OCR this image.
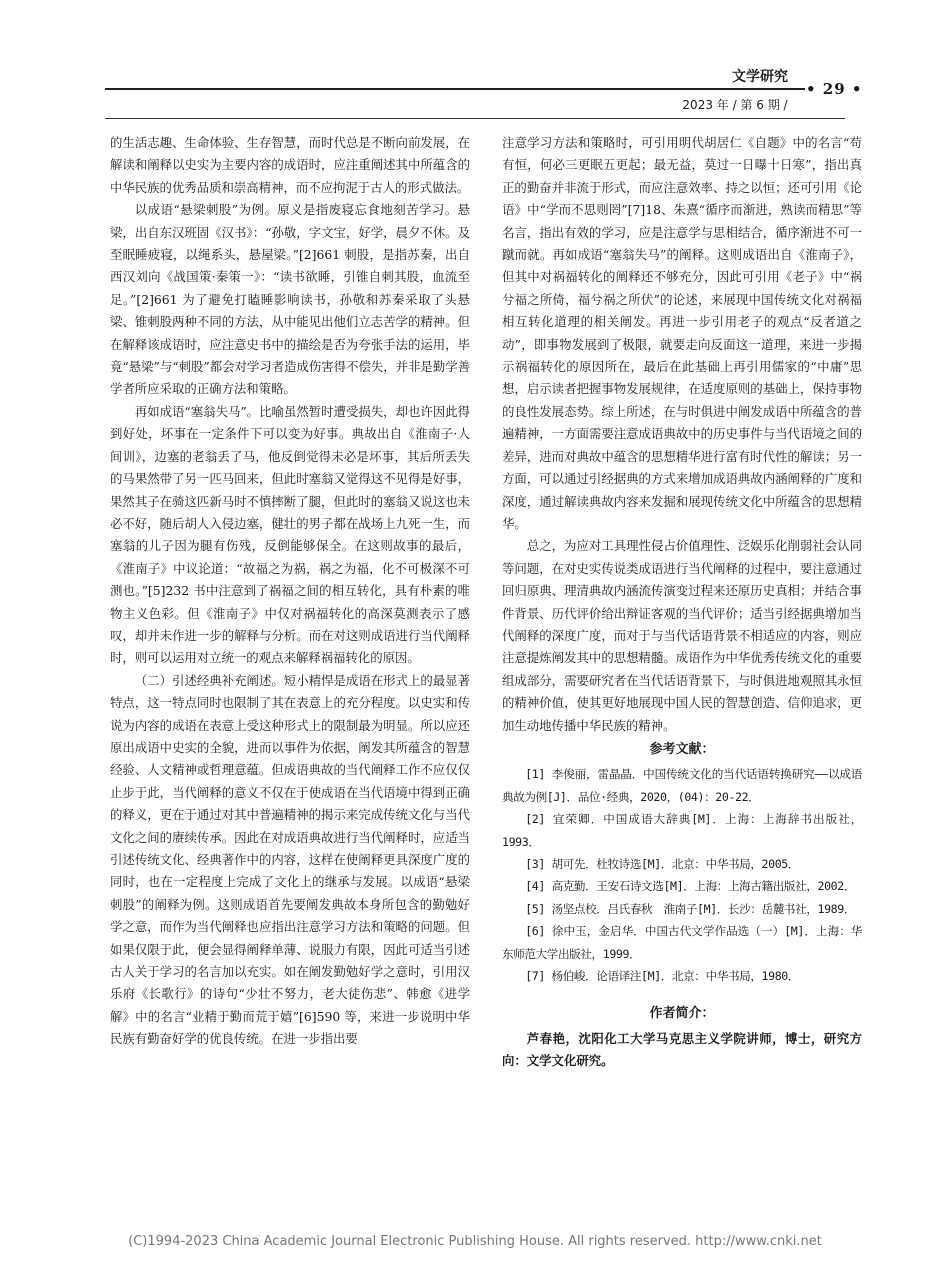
文学研究
• 29 •
2023 年 / 第 6 期 /

的生活志趣、生命体验、生存智慧，而时代总是不断向前发展，在解读和阐释以史实为主要内容的成语时，应注重阐述其中所蕴含的中华民族的优秀品质和崇高精神，而不应拘泥于古人的形式做法。

以成语“悬梁刺股”为例。原义是指废寝忘食地刻苦学习。悬梁，出自东汉班固《汉书》：“孙敬，字文宝，好学，晨夕不休。及至眠睡疲寝，以绳系头，悬屋梁。”[2]661 刺股，是指苏秦，出自西汉刘向《战国策·秦策一》：“读书欲睡，引锥自刺其股，血流至足。”[2]661 为了避免打瞌睡影响读书，孙敬和苏秦采取了头悬梁、锥刺股两种不同的方法，从中能见出他们立志苦学的精神。但在解释该成语时，应注意史书中的描绘是否为夸张手法的运用，毕竟“悬梁”与“刺股”都会对学习者造成伤害得不偿失，并非是勤学善学者所应采取的正确方法和策略。

再如成语“塞翁失马”。比喻虽然暂时遭受损失，却也许因此得到好处，坏事在一定条件下可以变为好事。典故出自《淮南子·人间训》，边塞的老翁丢了马，他反倒觉得未必是坏事，其后所丢失的马果然带了另一匹马回来，但此时塞翁又觉得这不见得是好事，果然其子在骑这匹新马时不慎摔断了腿，但此时的塞翁又说这也未必不好，随后胡人入侵边塞，健壮的男子都在战场上九死一生，而塞翁的儿子因为腿有伤残，反倒能够保全。在这则故事的最后，《淮南子》中议论道：“故福之为祸，祸之为福，化不可极深不可测也。”[5]232 书中注意到了祸福之间的相互转化，具有朴素的唯物主义色彩。但《淮南子》中仅对祸福转化的高深莫测表示了感叹，却并未作进一步的解释与分析。而在对这则成语进行当代阐释时，则可以运用对立统一的观点来解释祸福转化的原因。

（二）引述经典补充阐述。短小精悍是成语在形式上的最显著特点，这一特点同时也限制了其在表意上的充分程度。以史实和传说为内容的成语在表意上受这种形式上的限制最为明显。所以应还原出成语中史实的全貌，进而以事件为依据，阐发其所蕴含的智慧经验、人文精神或哲理意蕴。但成语典故的当代阐释工作不应仅仅止步于此，当代阐释的意义不仅在于使成语在当代语境中得到正确的释义，更在于通过对其中普遍精神的揭示来完成传统文化与当代文化之间的赓续传承。因此在对成语典故进行当代阐释时，应适当引述传统文化、经典著作中的内容，这样在使阐释更具深度广度的同时，也在一定程度上完成了文化上的继承与发展。以成语“悬梁刺股”的阐释为例。这则成语首先要阐发典故本身所包含的勤勉好学之意，而作为当代阐释也应指出注意学习方法和策略的问题。但如果仅限于此，便会显得阐释单薄、说服力有限，因此可适当引述古人关于学习的名言加以充实。如在阐发勤勉好学之意时，引用汉乐府《长歌行》的诗句“少壮不努力，老大徒伤悲”、韩愈《进学解》中的名言“业精于勤而荒于嬉”[6]590 等，来进一步说明中华民族有勤奋好学的优良传统。在进一步指出要

注意学习方法和策略时，可引用明代胡居仁《自题》中的名言“苟有恒，何必三更眠五更起；最无益，莫过一日曝十日寒”，指出真正的勤奋并非流于形式，而应注意效率、持之以恒；还可引用《论语》中“学而不思则罔”[7]18、朱熹“循序而渐进，熟读而精思”等名言，指出有效的学习，应是注意学与思相结合，循序渐进不可一蹴而就。再如成语“塞翁失马”的阐释。这则成语出自《淮南子》，但其中对祸福转化的阐释还不够充分，因此可引用《老子》中“祸兮福之所倚，福兮祸之所伏”的论述，来展现中国传统文化对祸福相互转化道理的相关阐发。再进一步引用老子的观点“反者道之动”，即事物发展到了极限，就要走向反面这一道理，来进一步揭示祸福转化的原因所在，最后在此基础上再引用儒家的“中庸”思想，启示读者把握事物发展规律，在适度原则的基础上，保持事物的良性发展态势。综上所述，在与时俱进中阐发成语中所蕴含的普遍精神，一方面需要注意成语典故中的历史事件与当代语境之间的差异，进而对典故中蕴含的思想精华进行富有时代性的解读；另一方面，可以通过引经据典的方式来增加成语典故内涵阐释的广度和深度，通过解读典故内容来发掘和展现传统文化中所蕴含的思想精华。

总之，为应对工具理性侵占价值理性、泛娱乐化削弱社会认同等问题，在对史实传说类成语进行当代阐释的过程中，要注意通过回归原典、理清典故内涵流传演变过程来还原历史真相；并结合事件背景、历代评价给出辩证客观的当代评价；适当引经据典增加当代阐释的深度广度，而对于与当代话语背景不相适应的内容，则应注意提炼阐发其中的思想精髓。成语作为中华优秀传统文化的重要组成部分，需要研究者在当代话语背景下，与时俱进地观照其永恒的精神价值，使其更好地展现中国人民的智慧创造、信仰追求，更加生动地传播中华民族的精神。

参考文献：

[1] 李俊丽，雷晶晶．中国传统文化的当代话语转换研究——以成语典故为例[J]．品位·经典，2020，(04)：20-22．

[2] 宜荣卿．中国成语大辞典[M]．上海：上海辞书出版社，1993．

[3] 胡可先．杜牧诗选[M]．北京：中华书局，2005．

[4] 高克勤．王安石诗文选[M]．上海：上海古籍出版社，2002．

[5] 汤坚点校．吕氏春秋　淮南子[M]．长沙：岳麓书社，1989．

[6] 徐中玉，金启华．中国古代文学作品选（一）[M]．上海：华东师范大学出版社，1999．

[7] 杨伯峻．论语译注[M]．北京：中华书局，1980．

作者简介：

芦春艳，沈阳化工大学马克思主义学院讲师，博士，研究方向：文学文化研究。

(C)1994-2023 China Academic Journal Electronic Publishing House. All rights reserved. http://www.cnki.net
